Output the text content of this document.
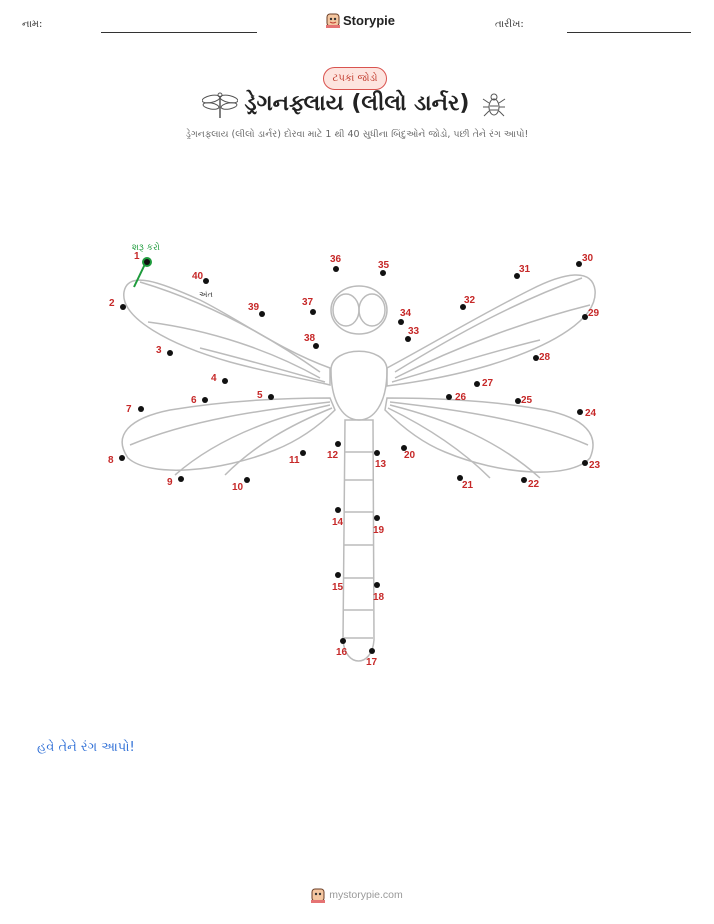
નામ:	Storypie	તારીખ:
ટપકાં જોડો
ડ્રેગનફ્લાય (લીલો ડાર્નર)
ડ્રેગનફ્લાય (લીલો ડાર્નર) દોરવા માટે 1 થી 40 સુધીના બિંદુઓને જોડો, પછી તેને રંગ આપો!
શરૂ કરો
અંત
1
2
3
4
5
6
7
8
9	10
11	12
13
14
15
16
17
18
19
20
21	22
23
24
25
26
27
28
29
30
31
32
33
34
35
36
37
38
39
40
હવે તેને રંગ આપો!
mystorypie.com
